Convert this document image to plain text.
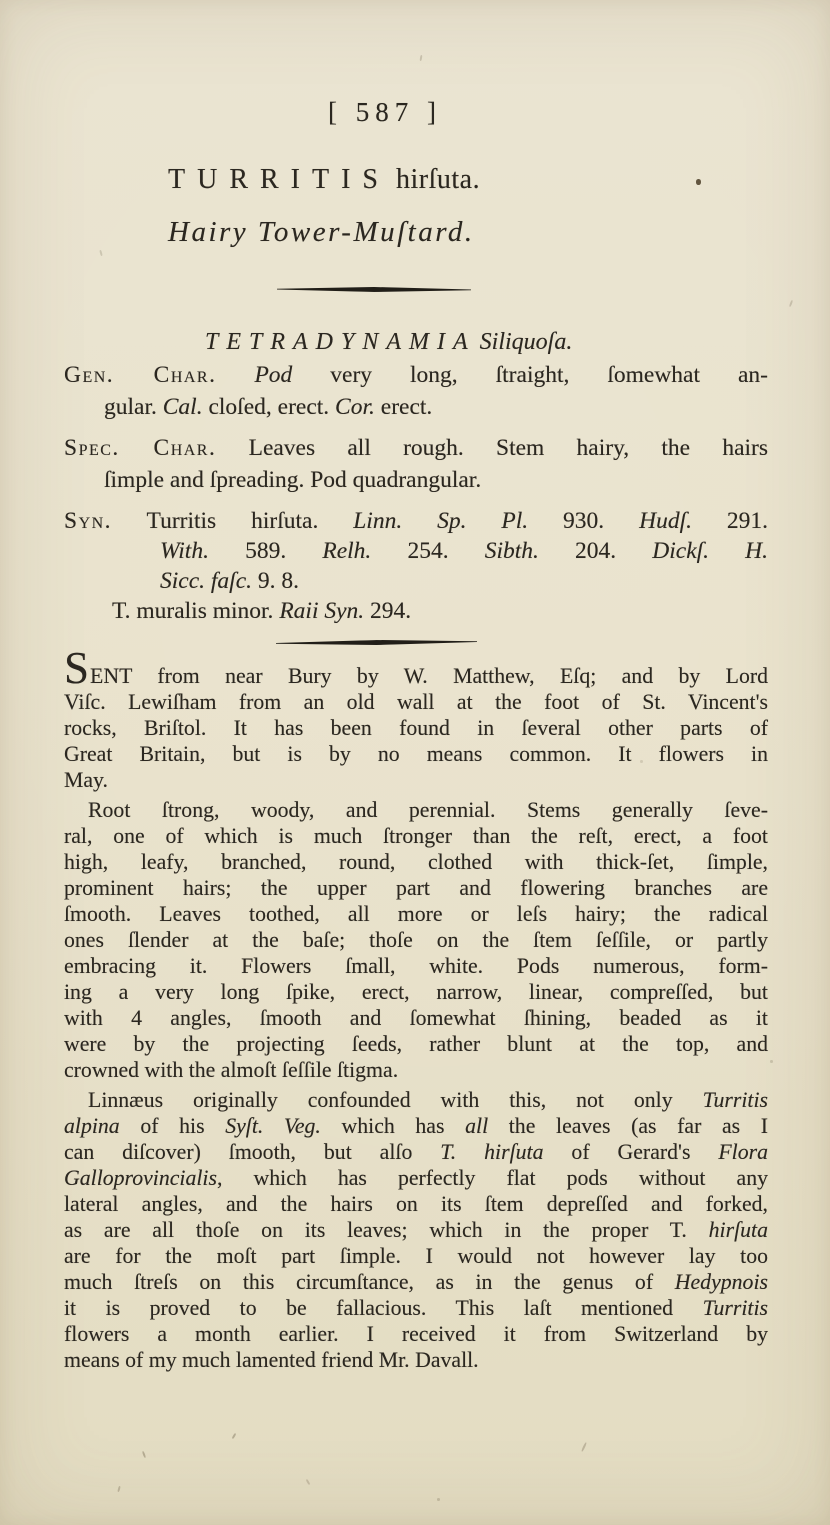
[ 587 ]
TURRITIS hirſuta.
Hairy Tower-Muſtard.
TETRADYNAMIA Siliquoſa.
Gen. Char. Pod very long, ſtraight, ſomewhat an-
gular. Cal. cloſed, erect. Cor. erect.
Spec. Char. Leaves all rough. Stem hairy, the hairs
ſimple and ſpreading. Pod quadrangular.
Syn. Turritis hirſuta. Linn. Sp. Pl. 930. Hudſ. 291.
With. 589. Relh. 254. Sibth. 204. Dickſ. H.
Sicc. faſc. 9. 8.
T. muralis minor. Raii Syn. 294.
SENT from near Bury by W. Matthew, Eſq; and by Lord
Viſc. Lewiſham from an old wall at the foot of St. Vincent's
rocks, Briſtol. It has been found in ſeveral other parts of
Great Britain, but is by no means common. It flowers in
May.
Root ſtrong, woody, and perennial. Stems generally ſeve-
ral, one of which is much ſtronger than the reſt, erect, a foot
high, leafy, branched, round, clothed with thick-ſet, ſimple,
prominent hairs; the upper part and flowering branches are
ſmooth. Leaves toothed, all more or leſs hairy; the radical
ones ſlender at the baſe; thoſe on the ſtem ſeſſile, or partly
embracing it. Flowers ſmall, white. Pods numerous, form-
ing a very long ſpike, erect, narrow, linear, compreſſed, but
with 4 angles, ſmooth and ſomewhat ſhining, beaded as it
were by the projecting ſeeds, rather blunt at the top, and
crowned with the almoſt ſeſſile ſtigma.
Linnæus originally confounded with this, not only Turritis
alpina of his Syſt. Veg. which has all the leaves (as far as I
can diſcover) ſmooth, but alſo T. hirſuta of Gerard's Flora
Galloprovincialis, which has perfectly flat pods without any
lateral angles, and the hairs on its ſtem depreſſed and forked,
as are all thoſe on its leaves; which in the proper T. hirſuta
are for the moſt part ſimple. I would not however lay too
much ſtreſs on this circumſtance, as in the genus of Hedypnois
it is proved to be fallacious. This laſt mentioned Turritis
flowers a month earlier. I received it from Switzerland by
means of my much lamented friend Mr. Davall.
